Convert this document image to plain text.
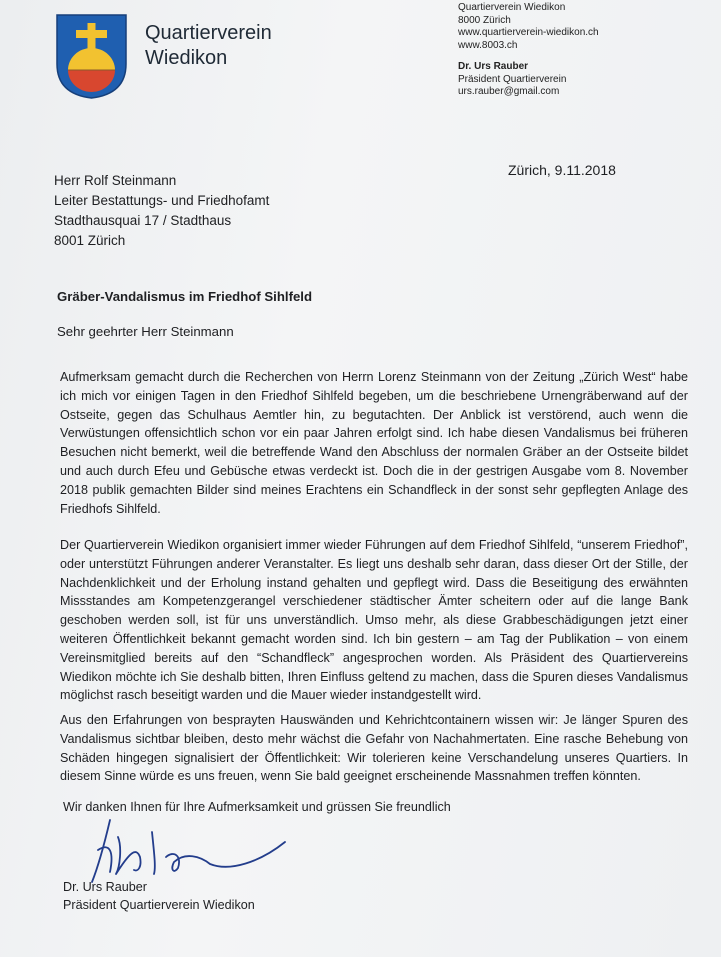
Quartierverein
Wiedikon
Quartierverein Wiedikon
8000 Zürich
www.quartierverein-wiedikon.ch
www.8003.ch
Dr. Urs Rauber
Präsident Quartierverein
urs.rauber@gmail.com
Zürich, 9.11.2018
Herr Rolf Steinmann
Leiter Bestattungs- und Friedhofamt
Stadthausquai 17 / Stadthaus
8001 Zürich
Gräber-Vandalismus im Friedhof Sihlfeld
Sehr geehrter Herr Steinmann

Aufmerksam gemacht durch die Recherchen von Herrn Lorenz Steinmann von der Zeitung „Zürich West“ habe ich mich vor einigen Tagen in den Friedhof Sihlfeld begeben, um die beschriebene Urnengräberwand auf der Ostseite, gegen das Schulhaus Aemtler hin, zu begutachten. Der Anblick ist verstörend, auch wenn die Verwüstungen offensichtlich schon vor ein paar Jahren erfolgt sind. Ich habe diesen Vandalismus bei früheren Besuchen nicht bemerkt, weil die betreffende Wand den Abschluss der normalen Gräber an der Ostseite bildet und auch durch Efeu und Gebüsche etwas verdeckt ist. Doch die in der gestrigen Ausgabe vom 8. November 2018 publik gemachten Bilder sind meines Erachtens ein Schandfleck in der sonst sehr gepflegten Anlage des Friedhofs Sihlfeld.

Der Quartierverein Wiedikon organisiert immer wieder Führungen auf dem Friedhof Sihlfeld, “unserem Friedhof”, oder unterstützt Führungen anderer Veranstalter. Es liegt uns deshalb sehr daran, dass dieser Ort der Stille, der Nachdenklichkeit und der Erholung instand gehalten und gepflegt wird. Dass die Beseitigung des erwähnten Missstandes am Kompetenzgerangel verschiedener städtischer Ämter scheitern oder auf die lange Bank geschoben werden soll, ist für uns unverständlich. Umso mehr, als diese Grabbeschädigungen jetzt einer weiteren Öffentlichkeit bekannt gemacht worden sind. Ich bin gestern – am Tag der Publikation – von einem Vereinsmitglied bereits auf den “Schandfleck” angesprochen worden. Als Präsident des Quartiervereins Wiedikon möchte ich Sie deshalb bitten, Ihren Einfluss geltend zu machen, dass die Spuren dieses Vandalismus möglichst rasch beseitigt warden und die Mauer wieder instandgestellt wird.

Aus den Erfahrungen von besprayten Hauswänden und Kehrichtcontainern wissen wir: Je länger Spuren des Vandalismus sichtbar bleiben, desto mehr wächst die Gefahr von Nachahmertaten. Eine rasche Behebung von Schäden hingegen signalisiert der Öffentlichkeit: Wir tolerieren keine Verschandelung unseres Quartiers. In diesem Sinne würde es uns freuen, wenn Sie bald geeignet erscheinende Massnahmen treffen könnten.

Wir danken Ihnen für Ihre Aufmerksamkeit und grüssen Sie freundlich
Dr. Urs Rauber
Präsident Quartierverein Wiedikon
